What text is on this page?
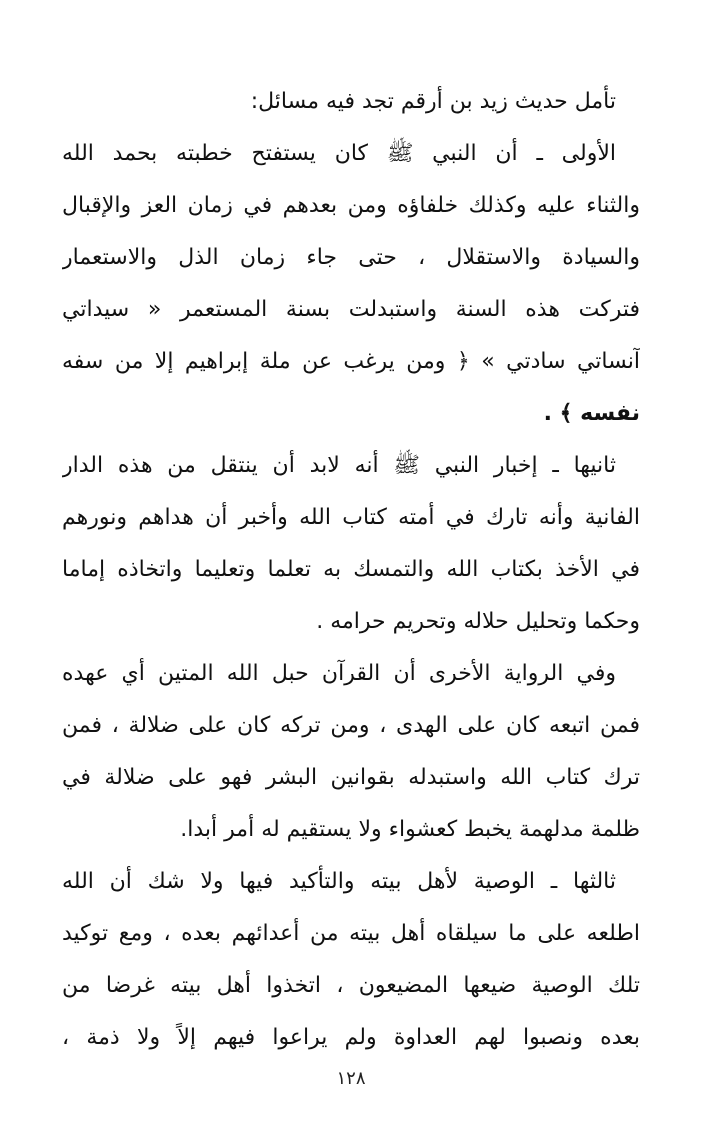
تأمل حديث زيد بن أرقم تجد فيه مسائل:
الأولى ـ أن النبي ﷺ كان يستفتح خطبته بحمد الله
والثناء عليه وكذلك خلفاؤه ومن بعدهم في زمان العز والإقبال
والسيادة والاستقلال ، حتى جاء زمان الذل والاستعمار
فتركت هذه السنة واستبدلت بسنة المستعمر « سيداتي
آنساتي سادتي » ﴿ ومن يرغب عن ملة إبراهيم إلا من سفه
نفسه ﴾ .
ثانيها ـ إخبار النبي ﷺ أنه لابد أن ينتقل من هذه الدار
الفانية وأنه تارك في أمته كتاب الله وأخبر أن هداهم ونورهم
في الأخذ بكتاب الله والتمسك به تعلما وتعليما واتخاذه إماما
وحكما وتحليل حلاله وتحريم حرامه .
وفي الرواية الأخرى أن القرآن حبل الله المتين أي عهده
فمن اتبعه كان على الهدى ، ومن تركه كان على ضلالة ، فمن
ترك كتاب الله واستبدله بقوانين البشر فهو على ضلالة في
ظلمة مدلهمة يخبط كعشواء ولا يستقيم له أمر أبدا.
ثالثها ـ الوصية لأهل بيته والتأكيد فيها ولا شك أن الله
اطلعه على ما سيلقاه أهل بيته من أعدائهم بعده ، ومع توكيد
تلك الوصية ضيعها المضيعون ، اتخذوا أهل بيته غرضا من
بعده ونصبوا لهم العداوة ولم يراعوا فيهم إلاً ولا ذمة ،
١٢٨
